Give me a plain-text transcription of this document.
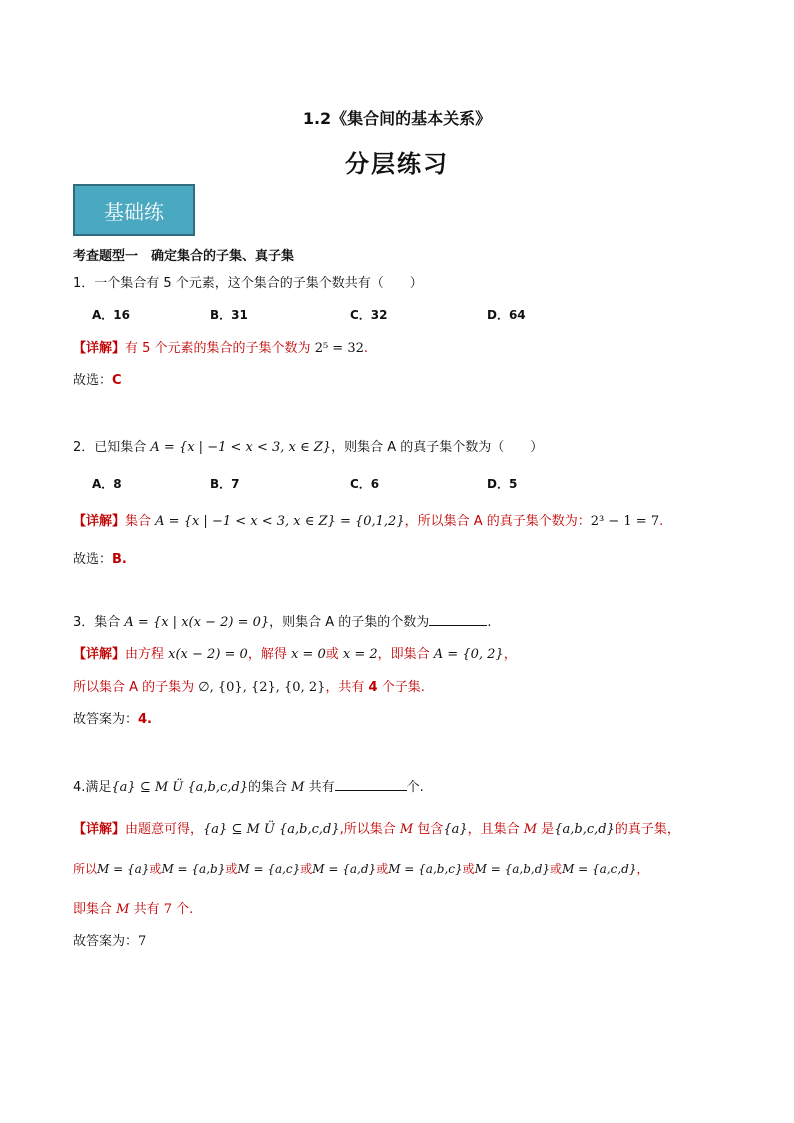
1.2《集合间的基本关系》
分层练习
基础练
考查题型一　确定集合的子集、真子集
1．一个集合有 5 个元素，这个集合的子集个数共有（　　）
A．16	B．31	C．32	D．64
【详解】有 5 个元素的集合的子集个数为 2⁵ = 32.
故选：C
2．已知集合 A = {x | −1 < x < 3, x ∈ Z}，则集合 A 的真子集个数为（　　）
A．8	B．7	C．6	D．5
【详解】集合 A = {x | −1 < x < 3, x ∈ Z} = {0,1,2}，所以集合 A 的真子集个数为：2³ − 1 = 7.
故选：B.
3．集合 A = {x | x(x − 2) = 0}，则集合 A 的子集的个数为	.
【详解】由方程 x(x − 2) = 0，解得 x = 0或 x = 2，即集合 A = {0, 2}，
所以集合 A 的子集为 ∅, {0}, {2}, {0, 2}，共有 4 个子集.
故答案为：4.
4.满足{a} ⊆ M Ü {a,b,c,d}的集合 M 共有	个.
【详解】由题意可得，{a} ⊆ M Ü {a,b,c,d},所以集合 M 包含{a}，且集合 M 是{a,b,c,d}的真子集，
所以M = {a}或M = {a,b}或M = {a,c}或M = {a,d}或M = {a,b,c}或M = {a,b,d}或M = {a,c,d}，
即集合 M 共有 7 个.
故答案为：7
